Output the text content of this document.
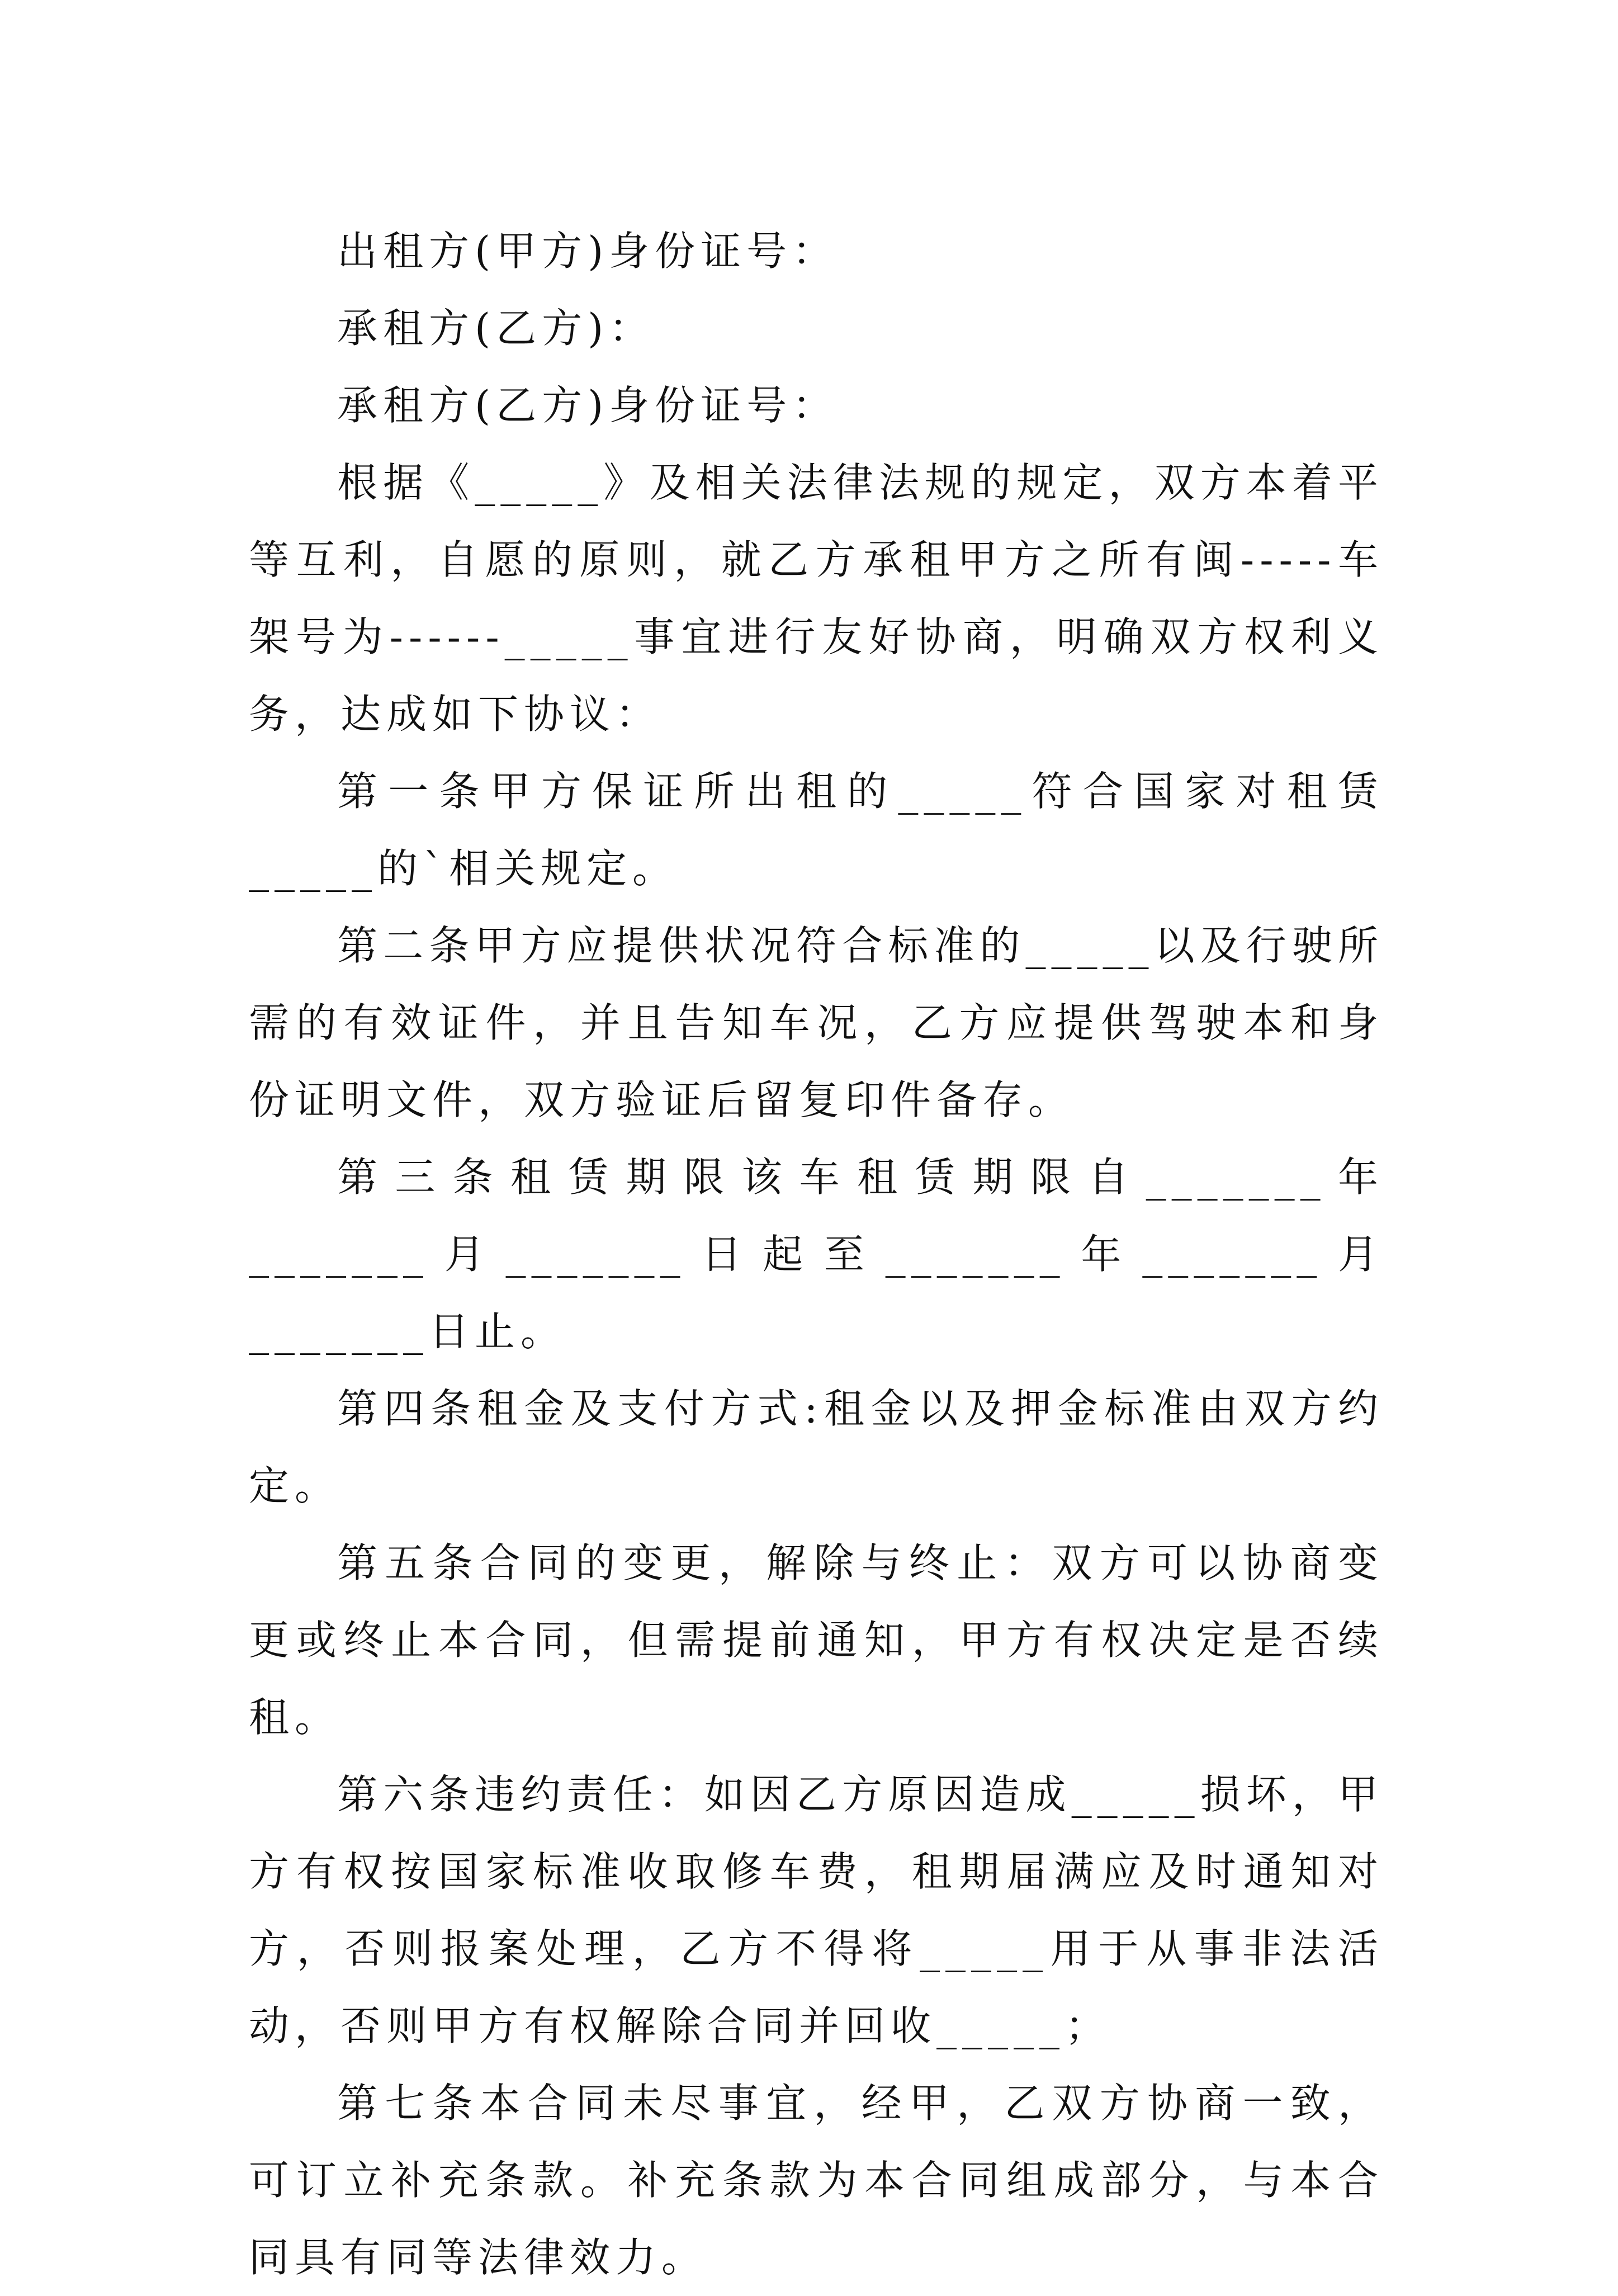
出租方(甲方)身份证号：

承租方(乙方)：

承租方(乙方)身份证号：

根据《_____》及相关法律法规的规定，双方本着平等互利，自愿的原则，就乙方承租甲方之所有闽-----车架号为------_____事宜进行友好协商，明确双方权利义务，达成如下协议：

第一条甲方保证所出租的_____符合国家对租赁_____的`相关规定。

第二条甲方应提供状况符合标准的_____以及行驶所需的有效证件，并且告知车况，乙方应提供驾驶本和身份证明文件，双方验证后留复印件备存。

第三条租赁期限该车租赁期限自_______年_______月_______日起至_______年_______月_______日止。

第四条租金及支付方式:租金以及押金标准由双方约定。

第五条合同的变更，解除与终止：双方可以协商变更或终止本合同，但需提前通知，甲方有权决定是否续租。

第六条违约责任：如因乙方原因造成_____损坏，甲方有权按国家标准收取修车费，租期届满应及时通知对方，否则报案处理，乙方不得将_____用于从事非法活动，否则甲方有权解除合同并回收_____；

第七条本合同未尽事宜，经甲，乙双方协商一致，可订立补充条款。补充条款为本合同组成部分，与本合同具有同等法律效力。
